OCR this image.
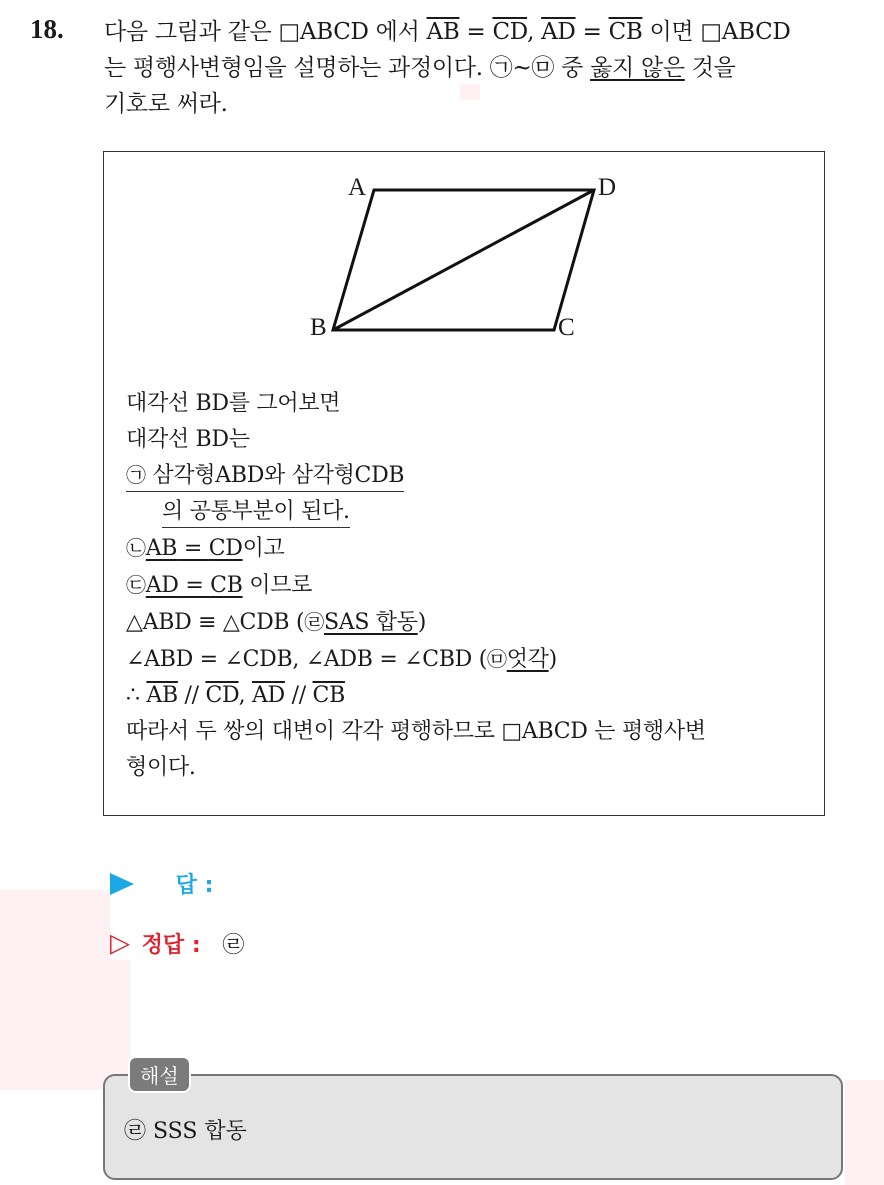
18. 다음 그림과 같은 □ABCD 에서 $\overline{AB} = \overline{CD}$, $\overline{AD} = \overline{CB}$ 이면 □ABCD
는 평행사변형임을 설명하는 과정이다. ㉠~㉤ 중 옳지 않은 것을
기호로 써라.
A	D
B	C
대각선 BD를 그어보면
대각선 BD는
㉠ 삼각형ABD와 삼각형CDB
의 공통부분이 된다.
㉡AB = CD이고
㉢AD = CB 이므로
△ABD ≡ △CDB (㉣SAS 합동)
∠ABD = ∠CDB, ∠ADB = ∠CBD (㉤엇각)
∴ $\overline{AB} // \overline{CD}$, $\overline{AD} // \overline{CB}$
따라서 두 쌍의 대변이 각각 평행하므로 □ABCD 는 평행사변
형이다.
답 :
▷ 정답 : ㉣
해설
㉣ SSS 합동
